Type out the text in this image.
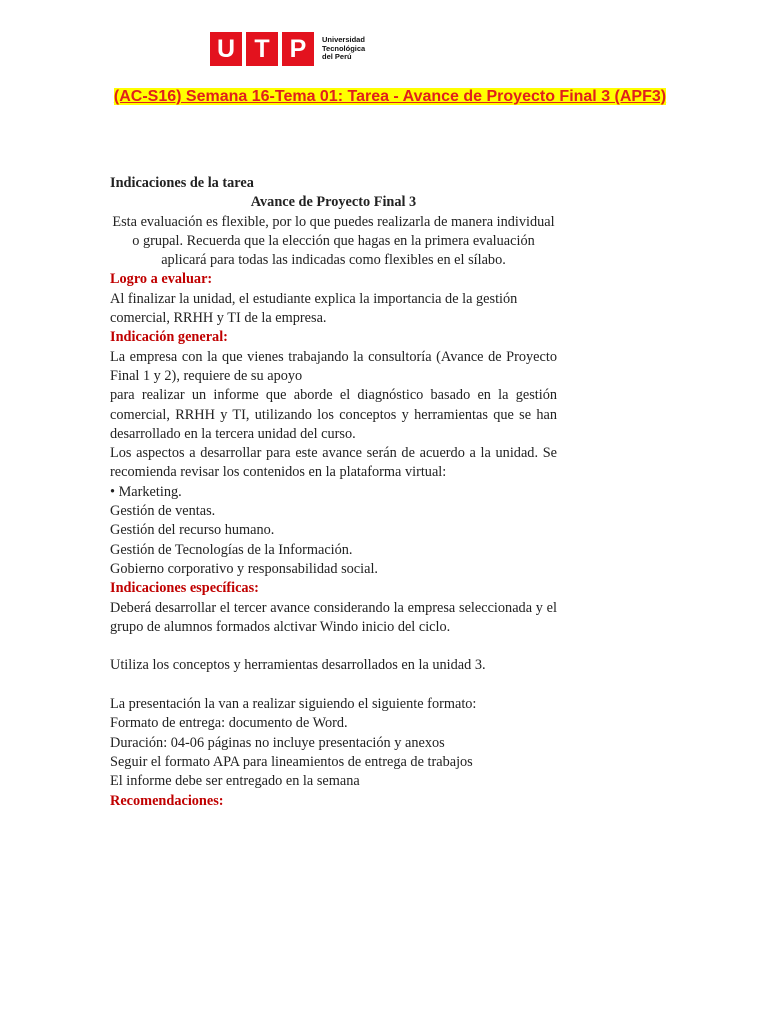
U T P	Universidad
Tecnológica
del Perú
(AC-S16) Semana 16-Tema 01: Tarea - Avance de Proyecto Final 3 (APF3)

Indicaciones de la tarea

Avance de Proyecto Final 3

Esta evaluación es flexible, por lo que puedes realizarla de manera individual o grupal. Recuerda que la elección que hagas en la primera evaluación aplicará para todas las indicadas como flexibles en el sílabo.

Logro a evaluar:

Al finalizar la unidad, el estudiante explica la importancia de la gestión comercial, RRHH y TI de la empresa.

Indicación general:

La empresa con la que vienes trabajando la consultoría (Avance de Proyecto Final 1 y 2), requiere de su apoyo

para realizar un informe que aborde el diagnóstico basado en la gestión comercial, RRHH y TI, utilizando los conceptos y herramientas que se han desarrollado en la tercera unidad del curso.

Los aspectos a desarrollar para este avance serán de acuerdo a la unidad. Se recomienda revisar los contenidos en la plataforma virtual:

• Marketing.

Gestión de ventas.

Gestión del recurso humano.

Gestión de Tecnologías de la Información.

Gobierno corporativo y responsabilidad social.

Indicaciones específicas:

Deberá desarrollar el tercer avance considerando la empresa seleccionada y el grupo de alumnos formados alctivar Windo inicio del ciclo.

Utiliza los conceptos y herramientas desarrollados en la unidad 3.

La presentación la van a realizar siguiendo el siguiente formato:

Formato de entrega: documento de Word.

Duración: 04-06 páginas no incluye presentación y anexos

Seguir el formato APA para lineamientos de entrega de trabajos

El informe debe ser entregado en la semana

Recomendaciones:
